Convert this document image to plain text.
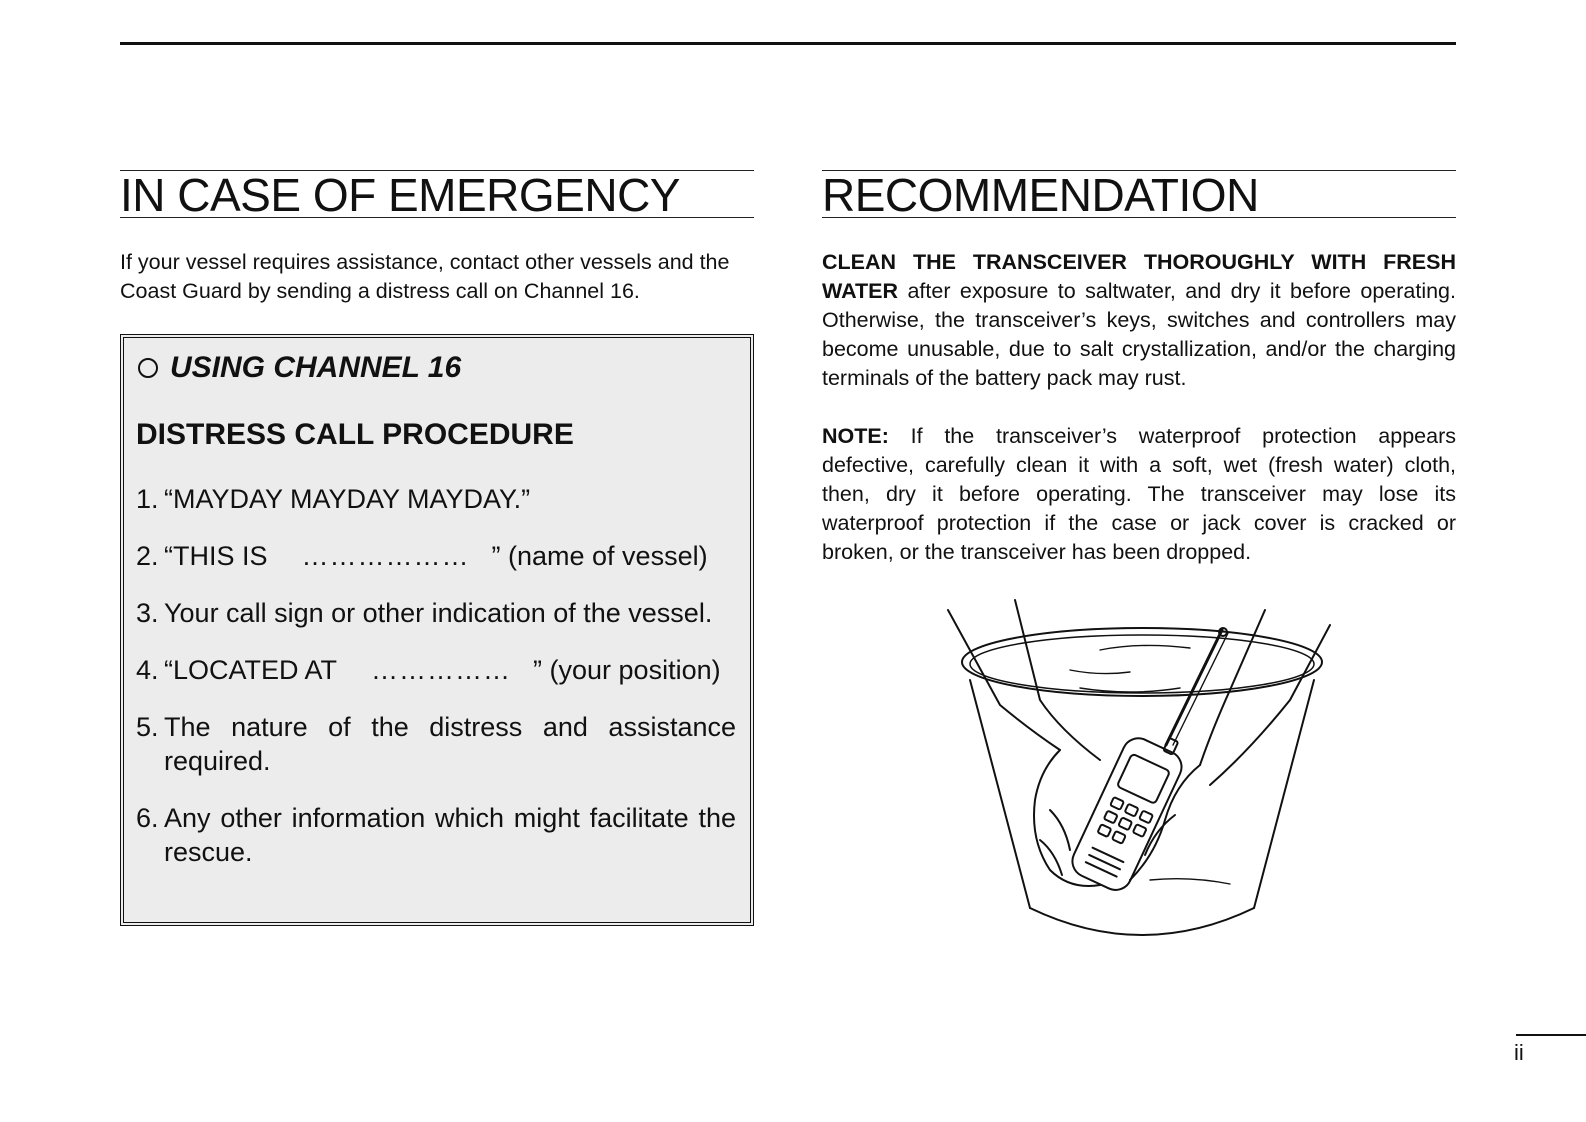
IN CASE OF EMERGENCY

If your vessel requires assistance, contact other vessels and the Coast Guard by sending a distress call on Channel 16.

USING CHANNEL 16
DISTRESS CALL PROCEDURE
1. “MAYDAY MAYDAY MAYDAY.”
2. “THIS IS ……………… ” (name of vessel)
3. Your call sign or other indication of the vessel.
4. “LOCATED AT …………… ” (your position)
5. The nature of the distress and assistance required.
6. Any other information which might facilitate the rescue.
RECOMMENDATION

CLEAN THE TRANSCEIVER THOROUGHLY WITH FRESH WATER after exposure to saltwater, and dry it before operating. Otherwise, the transceiver’s keys, switches and controllers may become unusable, due to salt crystallization, and/or the charging terminals of the battery pack may rust.

NOTE: If the transceiver’s waterproof protection appears defective, carefully clean it with a soft, wet (fresh water) cloth, then, dry it before operating. The transceiver may lose its waterproof protection if the case or jack cover is cracked or broken, or the transceiver has been dropped.

ii
